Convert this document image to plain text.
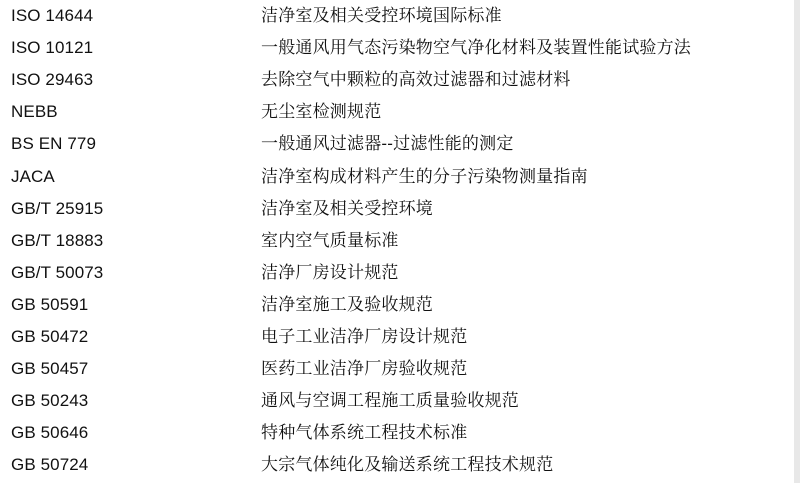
ISO 14644	洁净室及相关受控环境国际标准
ISO 10121	一般通风用气态污染物空气净化材料及装置性能试验方法
ISO 29463	去除空气中颗粒的高效过滤器和过滤材料
NEBB	无尘室检测规范
BS EN 779	一般通风过滤器--过滤性能的测定
JACA	洁净室构成材料产生的分子污染物测量指南
GB/T 25915	洁净室及相关受控环境
GB/T 18883	室内空气质量标准
GB/T 50073	洁净厂房设计规范
GB 50591	洁净室施工及验收规范
GB 50472	电子工业洁净厂房设计规范
GB 50457	医药工业洁净厂房验收规范
GB 50243	通风与空调工程施工质量验收规范
GB 50646	特种气体系统工程技术标准
GB 50724	大宗气体纯化及输送系统工程技术规范
